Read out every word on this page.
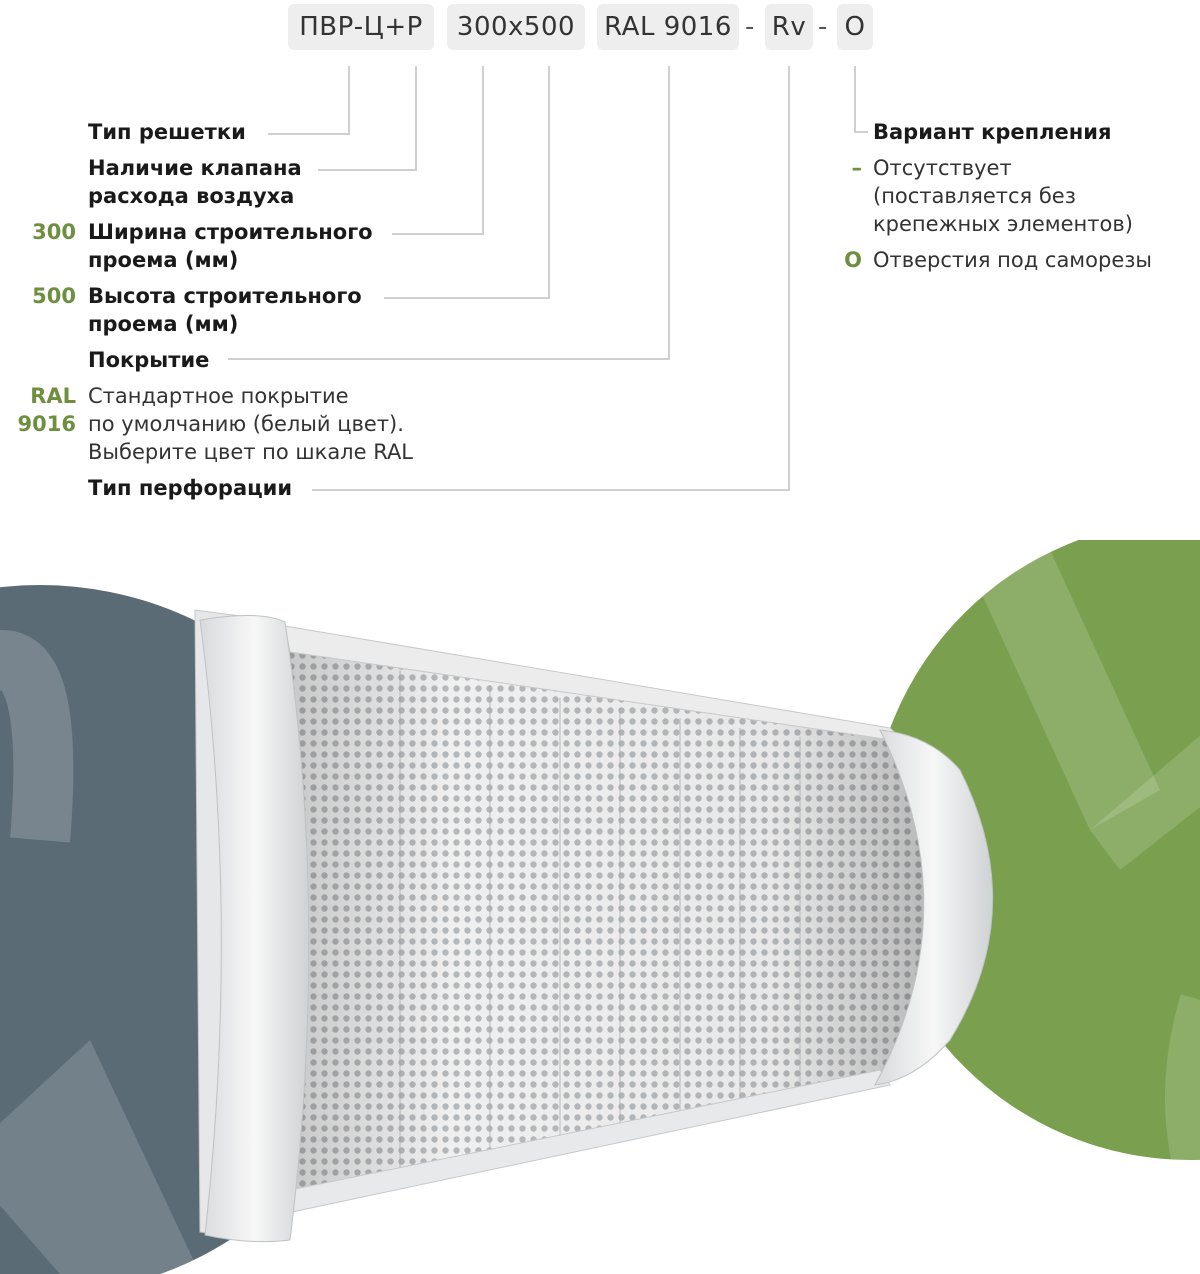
ПВР-Ц+Р	300x500	RAL 9016 - Rv - O
Тип решетки
Наличие клапана
расхода воздуха
300 Ширина строительного
проема (мм)
500 Высота строительного
проема (мм)
Покрытие
RAL
9016
Стандартное покрытие
по умолчанию (белый цвет).
Выберите цвет по шкале RAL
Тип перфорации
Вариант крепления
– Отсутствует
(поставляется без
крепежных элементов)
O Отверстия под саморезы
